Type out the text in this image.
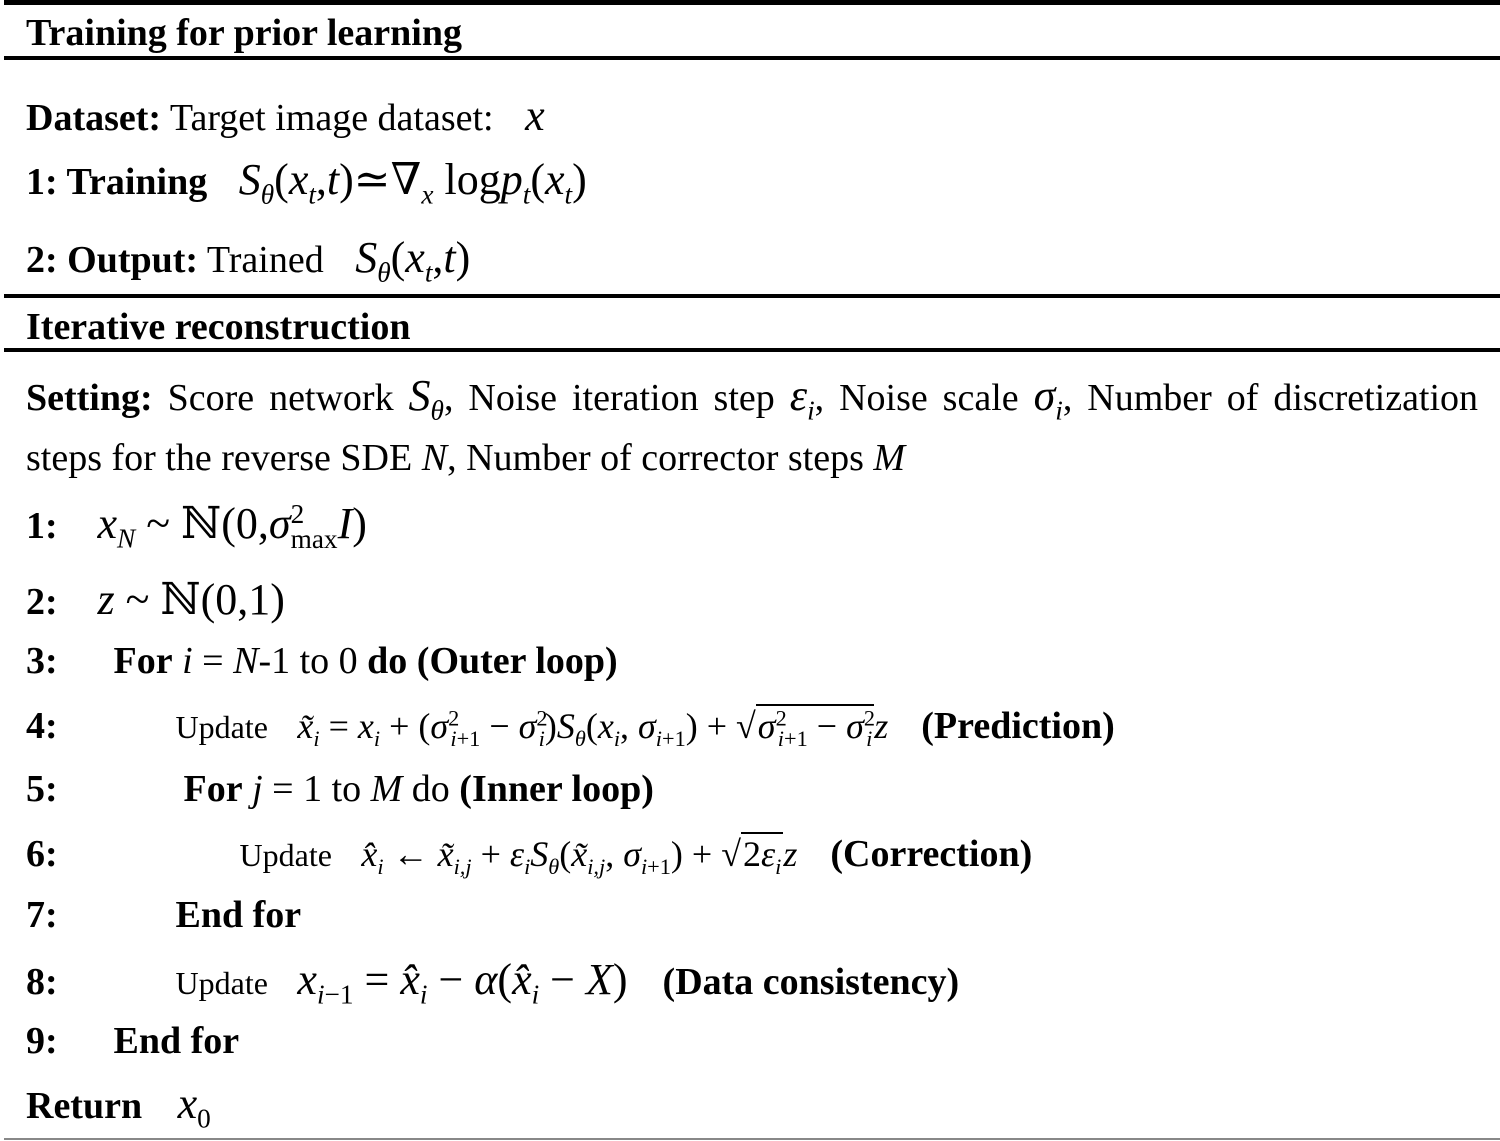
Training for prior learning
Dataset: Target image dataset: x
1: Training $S_\theta(x_t,t)≃\nabla_x$ $\log p_t(x_t)$
2: Output: Trained $S_\theta(x_t,t)$
Iterative reconstruction
Setting: Score network $S_\theta$, Noise iteration step $\varepsilon_i$, Noise scale $\sigma_i$, Number of discretization steps for the reverse SDE N, Number of corrector steps M
1: $x_N$ ~ $ℕ(0,\sigma^2_{max}I)$
2: z ~ ℕ(0,1)
3: For i = N-1 to 0 do (Outer loop)
4:	Update $x̃_i = x_i + (\sigma^2_{i+1} - \sigma^2_i)S_\theta(x_i$, $\sigma_{i+1}) + √\sigma^2_{i+1} - \sigma^2_iz$ (Prediction)
5:	For j = 1 to M do (Inner loop)
6:	Update $x̂_i$ ← $x̃_{i,j}$ + $\varepsilon_iS_\theta(x̃_{i,j}$, $\sigma_{i+1}) + √2\varepsilon_iz$ (Correction)
7:	End for
8:	Update $x_{i-1}$ = $x̂_i$ − $\alpha(x̂_i - X)$ (Data consistency)
9: End for
Return $x_0$
